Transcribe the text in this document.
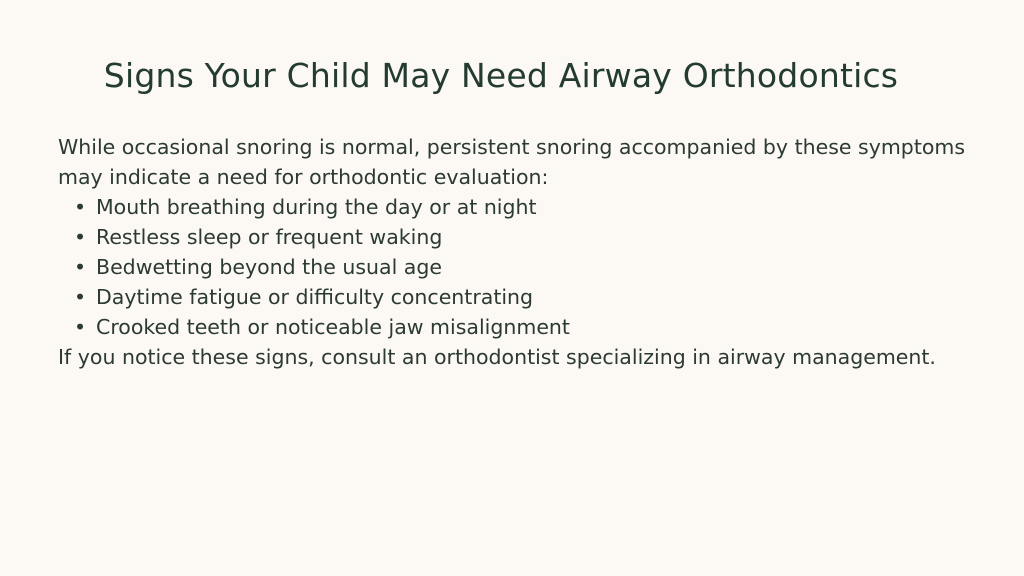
Signs Your Child May Need Airway Orthodontics

While occasional snoring is normal, persistent snoring accompanied by these symptoms may indicate a need for orthodontic evaluation:

• Mouth breathing during the day or at night
• Restless sleep or frequent waking
• Bedwetting beyond the usual age
• Daytime fatigue or difficulty concentrating
• Crooked teeth or noticeable jaw misalignment

If you notice these signs, consult an orthodontist specializing in airway management.
